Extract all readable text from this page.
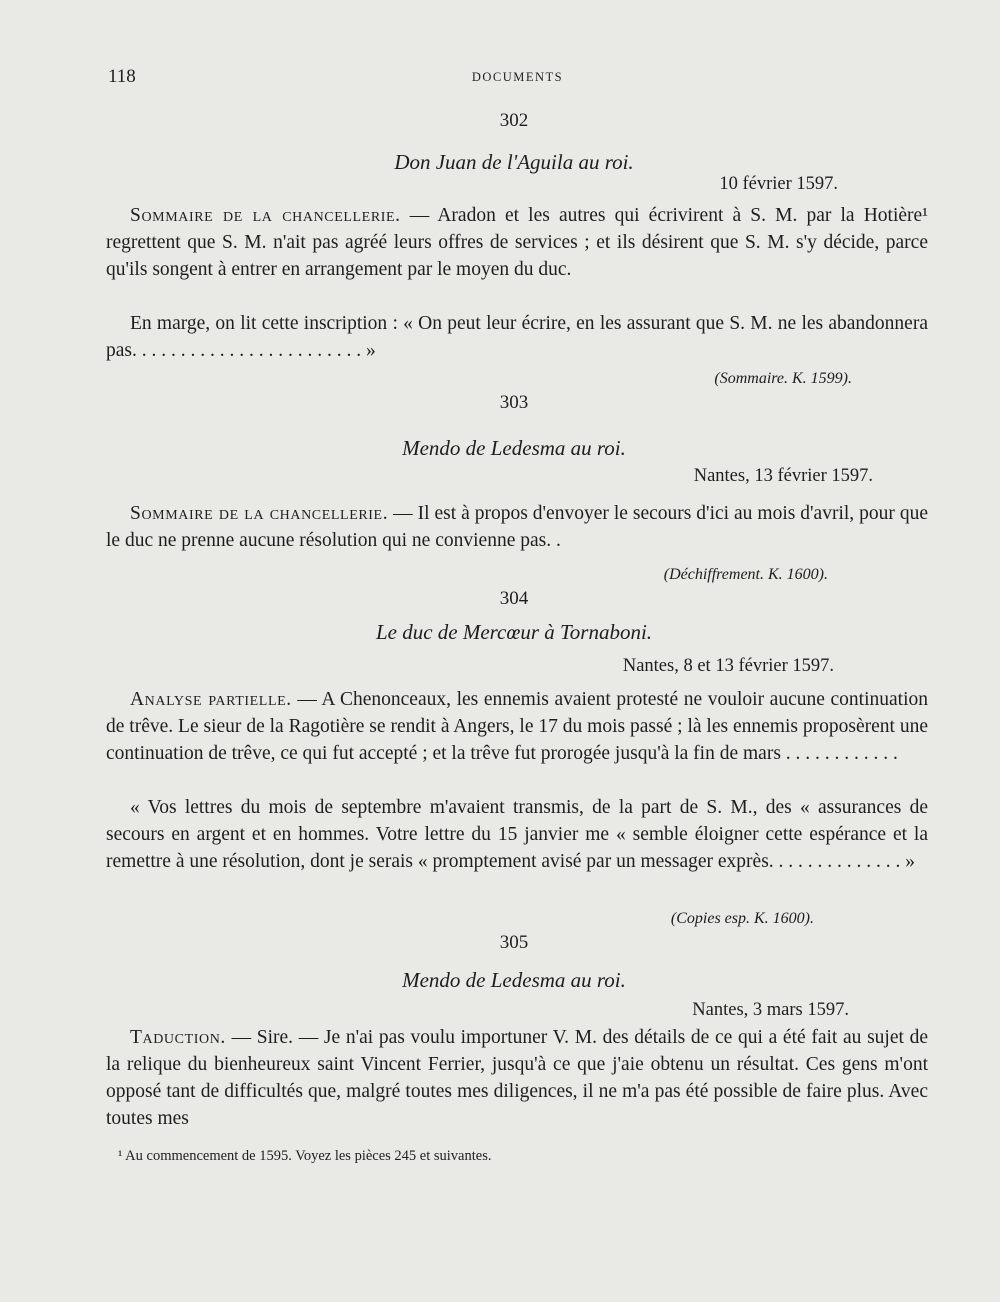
118	DOCUMENTS
302
Don Juan de l'Aguila au roi.
10 février 1597.

Sommaire de la chancellerie. — Aradon et les autres qui écrivirent à S. M. par la Hotière¹ regrettent que S. M. n'ait pas agréé leurs offres de services ; et ils désirent que S. M. s'y décide, parce qu'ils songent à entrer en arrangement par le moyen du duc.

En marge, on lit cette inscription : « On peut leur écrire, en les assurant que S. M. ne les abandonnera pas. . . . . . . . . . . . . . . . . . . . . . . . »

(Sommaire. K. 1599).
303
Mendo de Ledesma au roi.
Nantes, 13 février 1597.

Sommaire de la chancellerie. — Il est à propos d'envoyer le secours d'ici au mois d'avril, pour que le duc ne prenne aucune résolution qui ne convienne pas. .

(Déchiffrement. K. 1600).
304
Le duc de Mercœur à Tornaboni.
Nantes, 8 et 13 février 1597.

Analyse partielle. — A Chenonceaux, les ennemis avaient protesté ne vouloir aucune continuation de trêve. Le sieur de la Ragotière se rendit à Angers, le 17 du mois passé ; là les ennemis proposèrent une continuation de trêve, ce qui fut accepté ; et la trêve fut prorogée jusqu'à la fin de mars . . . . . . . . . . . .

« Vos lettres du mois de septembre m'avaient transmis, de la part de S. M., des « assurances de secours en argent et en hommes. Votre lettre du 15 janvier me « semble éloigner cette espérance et la remettre à une résolution, dont je serais « promptement avisé par un messager exprès. . . . . . . . . . . . . . »

(Copies esp. K. 1600).
305
Mendo de Ledesma au roi.
Nantes, 3 mars 1597.

Taduction. — Sire. — Je n'ai pas voulu importuner V. M. des détails de ce qui a été fait au sujet de la relique du bienheureux saint Vincent Ferrier, jusqu'à ce que j'aie obtenu un résultat. Ces gens m'ont opposé tant de difficultés que, malgré toutes mes diligences, il ne m'a pas été possible de faire plus. Avec toutes mes

¹ Au commencement de 1595. Voyez les pièces 245 et suivantes.
